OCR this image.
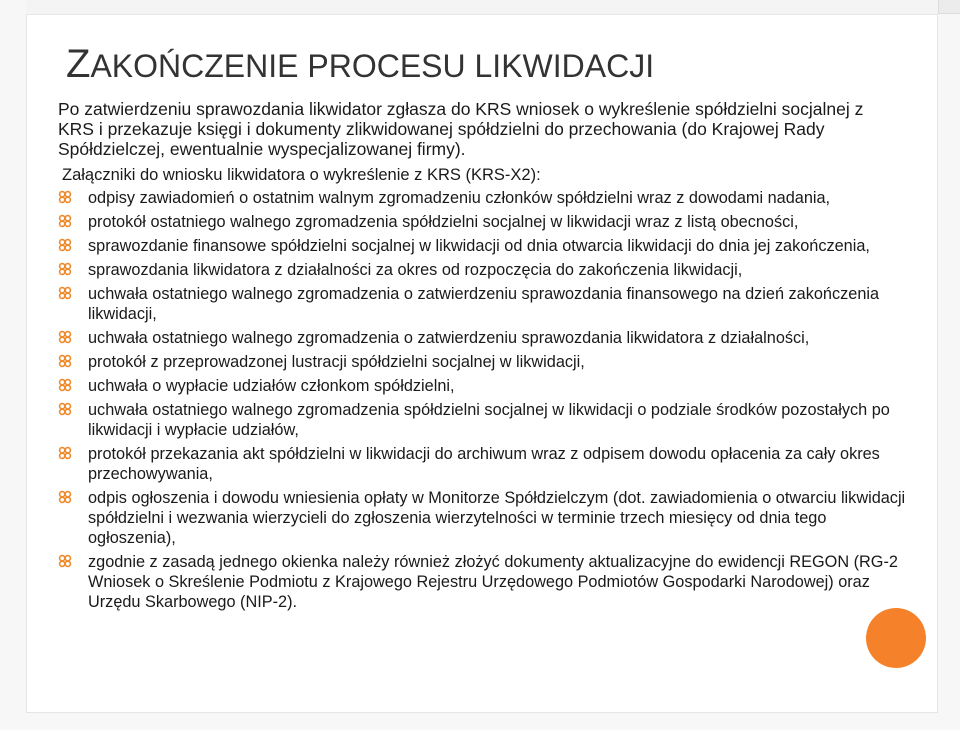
ZAKOŃCZENIE PROCESU LIKWIDACJI

Po zatwierdzeniu sprawozdania likwidator zgłasza do KRS wniosek o wykreślenie spółdzielni socjalnej z KRS i przekazuje księgi i dokumenty zlikwidowanej spółdzielni do przechowania (do Krajowej Rady Spółdzielczej, ewentualnie wyspecjalizowanej firmy).

Załączniki do wniosku likwidatora o wykreślenie z KRS (KRS-X2):

odpisy zawiadomień o ostatnim walnym zgromadzeniu członków spółdzielni wraz z dowodami nadania,
protokół ostatniego walnego zgromadzenia spółdzielni socjalnej w likwidacji wraz z listą obecności,
sprawozdanie finansowe spółdzielni socjalnej w likwidacji od dnia otwarcia likwidacji do dnia jej zakończenia,
sprawozdania likwidatora z działalności za okres od rozpoczęcia do zakończenia likwidacji,
uchwała ostatniego walnego zgromadzenia o zatwierdzeniu sprawozdania finansowego na dzień zakończenia likwidacji,
uchwała ostatniego walnego zgromadzenia o zatwierdzeniu sprawozdania likwidatora z działalności,
protokół z przeprowadzonej lustracji spółdzielni socjalnej w likwidacji,
uchwała o wypłacie udziałów członkom spółdzielni,
uchwała ostatniego walnego zgromadzenia spółdzielni socjalnej w likwidacji o podziale środków pozostałych po likwidacji i wypłacie udziałów,
protokół przekazania akt spółdzielni w likwidacji do archiwum wraz z odpisem dowodu opłacenia za cały okres przechowywania,
odpis ogłoszenia i dowodu wniesienia opłaty w Monitorze Spółdzielczym (dot. zawiadomienia o otwarciu likwidacji spółdzielni i wezwania wierzycieli do zgłoszenia wierzytelności w terminie trzech miesięcy od dnia tego ogłoszenia),
zgodnie z zasadą jednego okienka należy również złożyć dokumenty aktualizacyjne do ewidencji REGON (RG-2 Wniosek o Skreślenie Podmiotu z Krajowego Rejestru Urzędowego Podmiotów Gospodarki Narodowej) oraz Urzędu Skarbowego (NIP-2).
